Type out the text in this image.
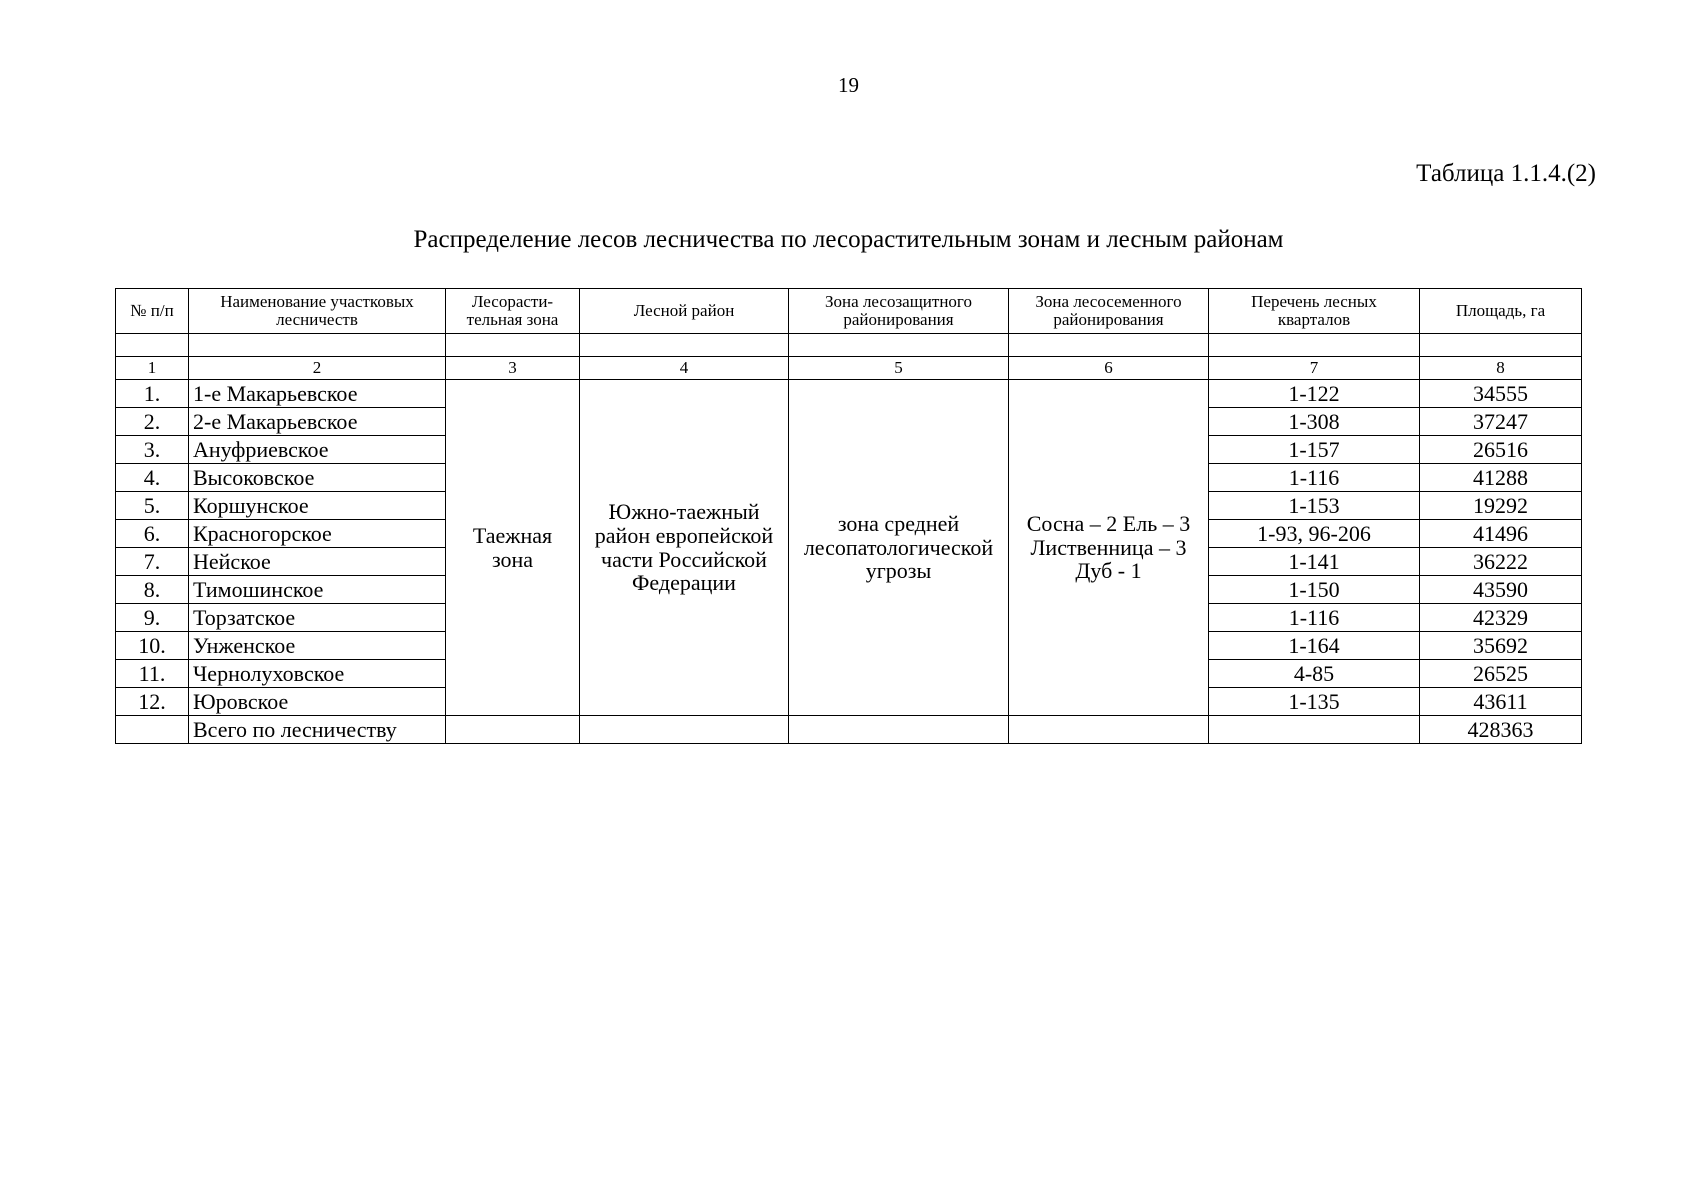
19
Таблица 1.1.4.(2)
Распределение лесов лесничества по лесорастительным зонам и лесным районам
№ п/п	Наименование участковых лесничеств	Лесорасти-тельная зона	Лесной район	Зона лесозащитного районирования	Зона лесосеменного районирования	Перечень лесных кварталов	Площадь, га

1	2	3	4	5	6	7	8
1.	1-е Макарьевское	Таежная зона	Южно-таежный район европейской части Российской Федерации	зона средней лесопатологической угрозы	Сосна – 2 Ель – 3 Лиственница – 3 Дуб - 1	1-122	34555
2.	2-е Макарьевское					1-308	37247
3.	Ануфриевское					1-157	26516
4.	Высоковское					1-116	41288
5.	Коршунское					1-153	19292
6.	Красногорское					1-93, 96-206	41496
7.	Нейское					1-141	36222
8.	Тимошинское					1-150	43590
9.	Торзатское					1-116	42329
10.	Унженское					1-164	35692
11.	Чернолуховское					4-85	26525
12.	Юровское					1-135	43611
	Всего по лесничеству						428363
